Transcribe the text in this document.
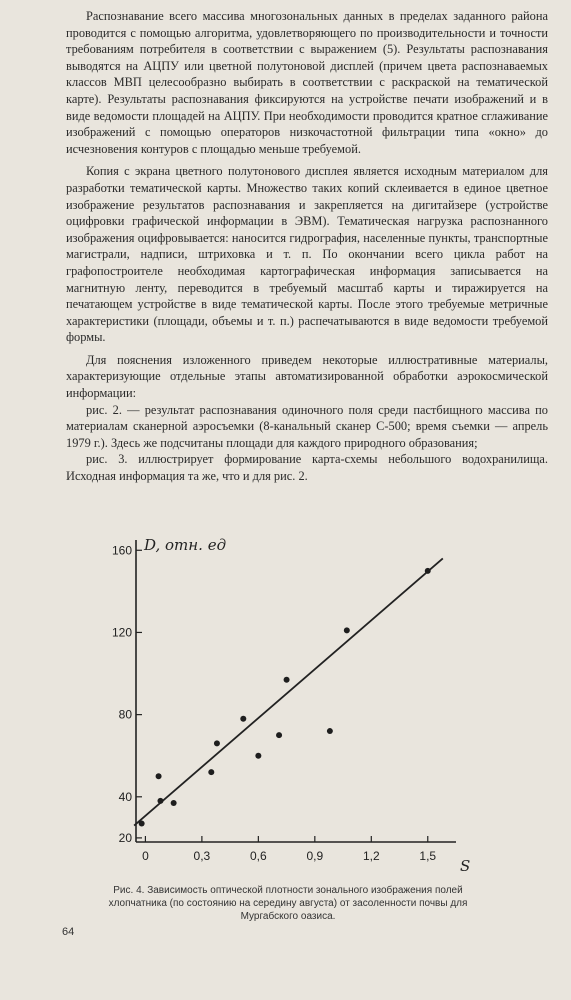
Распознавание всего массива многозональных данных в пределах заданного района проводится с помощью алгоритма, удовлетворяющего по производительности и точности требованиям потребителя в соответствии с выражением (5). Результаты распознавания выводятся на АЦПУ или цветной полутоновой дисплей (причем цвета распознаваемых классов МВП целесообразно выбирать в соответствии с раскраской на тематической карте). Результаты распознавания фиксируются на устройстве печати изображений и в виде ведомости площадей на АЦПУ. При необходимости проводится кратное сглаживание изображений с помощью операторов низкочастотной фильтрации типа «окно» до исчезновения контуров с площадью меньше требуемой.

Копия с экрана цветного полутонового дисплея является исходным материалом для разработки тематической карты. Множество таких копий склеивается в единое цветное изображение результатов распознавания и закрепляется на дигитайзере (устройстве оцифровки графической информации в ЭВМ). Тематическая нагрузка распознанного изображения оцифровывается: наносится гидрография, населенные пункты, транспортные магистрали, надписи, штриховка и т. п. По окончании всего цикла работ на графопостроителе необходимая картографическая информация записывается на магнитную ленту, переводится в требуемый масштаб карты и тиражируется на печатающем устройстве в виде тематической карты. После этого требуемые метричные характеристики (площади, объемы и т. п.) распечатываются в виде ведомости требуемой формы.

Для пояснения изложенного приведем некоторые иллюстративные материалы, характеризующие отдельные этапы автоматизированной обработки аэрокосмической информации:

рис. 2. — результат распознавания одиночного поля среди пастбищного массива по материалам сканерной аэросъемки (8-канальный сканер С-500; время съемки — апрель 1979 г.). Здесь же подсчитаны площади для каждого природного образования;

рис. 3. иллюстрирует формирование карта-схемы небольшого водохранилища. Исходная информация та же, что и для рис. 2.

D, отн. ед
S
20
40
80
120
160
0	0,3	0,6	0,9	1,2	1,5
Рис. 4. Зависимость оптической плотности зонального изображения полей хлопчатника (по состоянию на середину августа) от засоленности почвы для Мургабского оазиса.
64
